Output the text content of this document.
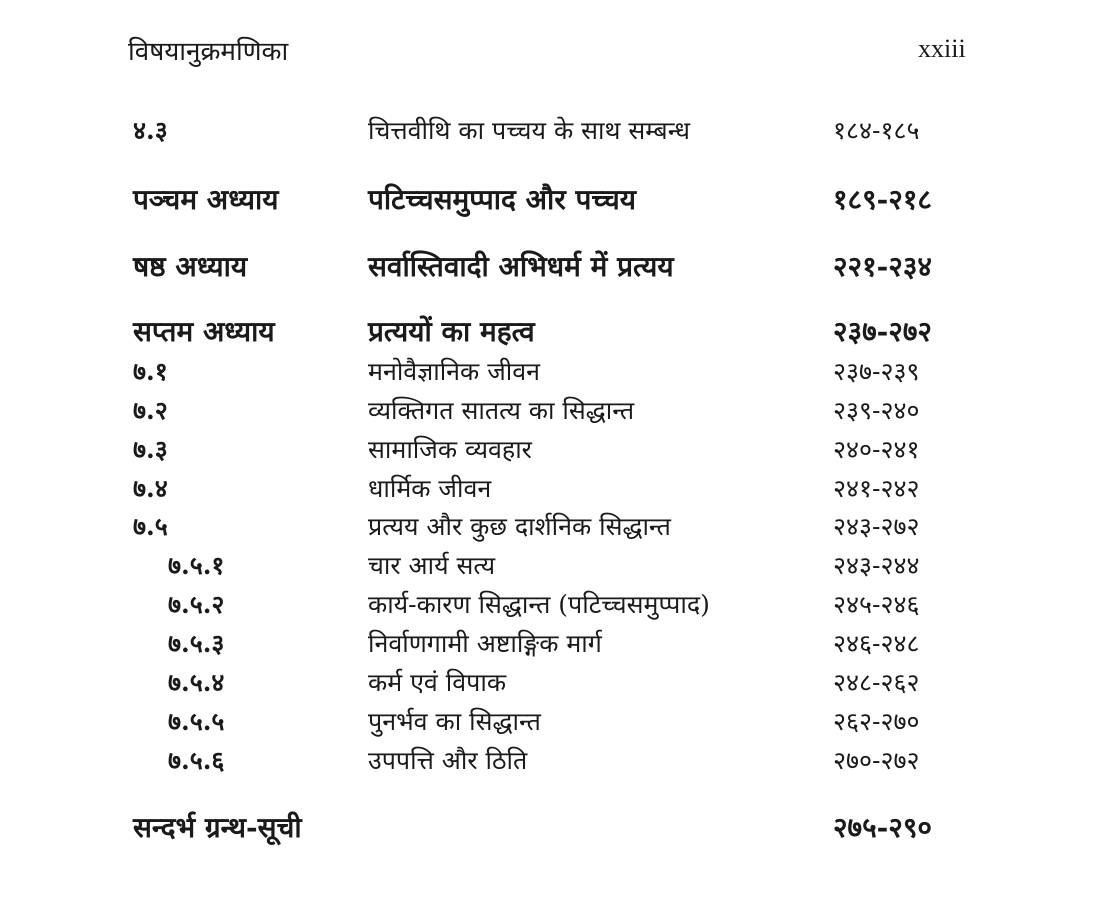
विषयानुक्रमणिका	xxiii
४.३	चित्तवीथि का पच्चय के साथ सम्बन्ध	१८४-१८५
पञ्चम अध्याय	पटिच्चसमुप्पाद और पच्चय	१८९-२१८
षष्ठ अध्याय	सर्वास्तिवादी अभिधर्म में प्रत्यय	२२१-२३४
सप्तम अध्याय	प्रत्ययों का महत्व	२३७-२७२
७.१	मनोवैज्ञानिक जीवन	२३७-२३९
७.२	व्यक्तिगत सातत्य का सिद्धान्त	२३९-२४०
७.३	सामाजिक व्यवहार	२४०-२४१
७.४	धार्मिक जीवन	२४१-२४२
७.५	प्रत्यय और कुछ दार्शनिक सिद्धान्त	२४३-२७२
७.५.१	चार आर्य सत्य	२४३-२४४
७.५.२	कार्य-कारण सिद्धान्त (पटिच्चसमुप्पाद)	२४५-२४६
७.५.३	निर्वाणगामी अष्टाङ्गिक मार्ग	२४६-२४८
७.५.४	कर्म एवं विपाक	२४८-२६२
७.५.५	पुनर्भव का सिद्धान्त	२६२-२७०
७.५.६	उपपत्ति और ठिति	२७०-२७२
सन्दर्भ ग्रन्थ-सूची	२७५-२९०
